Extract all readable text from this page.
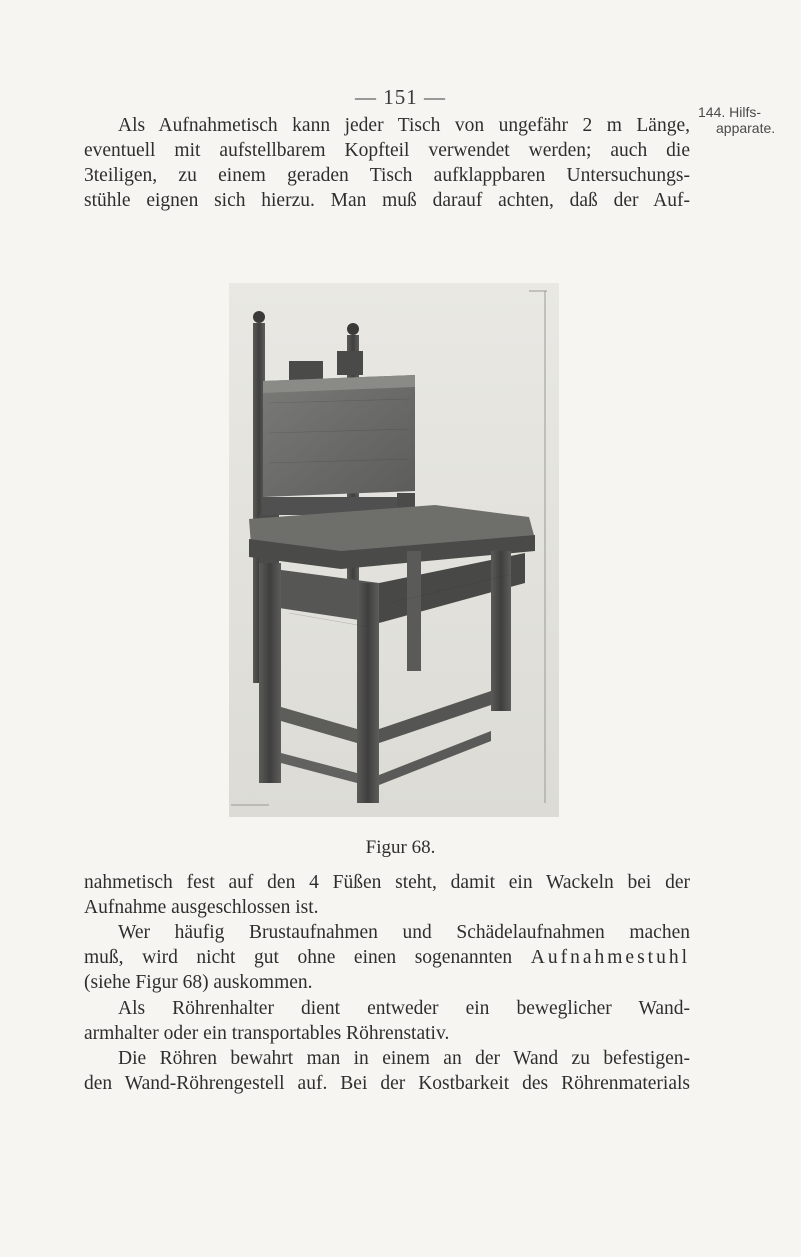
— 151 —
144. Hilfs-
apparate.
Als Aufnahmetisch kann jeder Tisch von ungefähr 2 m Länge,
eventuell mit aufstellbarem Kopfteil verwendet werden; auch die
3teiligen, zu einem geraden Tisch aufklappbaren Untersuchungs-
stühle eignen sich hierzu. Man muß darauf achten, daß der Auf-
Figur 68.
nahmetisch fest auf den 4 Füßen steht, damit ein Wackeln bei der
Aufnahme ausgeschlossen ist.
Wer häufig Brustaufnahmen und Schädelaufnahmen machen
muß, wird nicht gut ohne einen sogenannten Aufnahmestuhl
(siehe Figur 68) auskommen.
Als Röhrenhalter dient entweder ein beweglicher Wand-
armhalter oder ein transportables Röhrenstativ.
Die Röhren bewahrt man in einem an der Wand zu befestigen-
den Wand-Röhrengestell auf. Bei der Kostbarkeit des Röhrenmaterials
